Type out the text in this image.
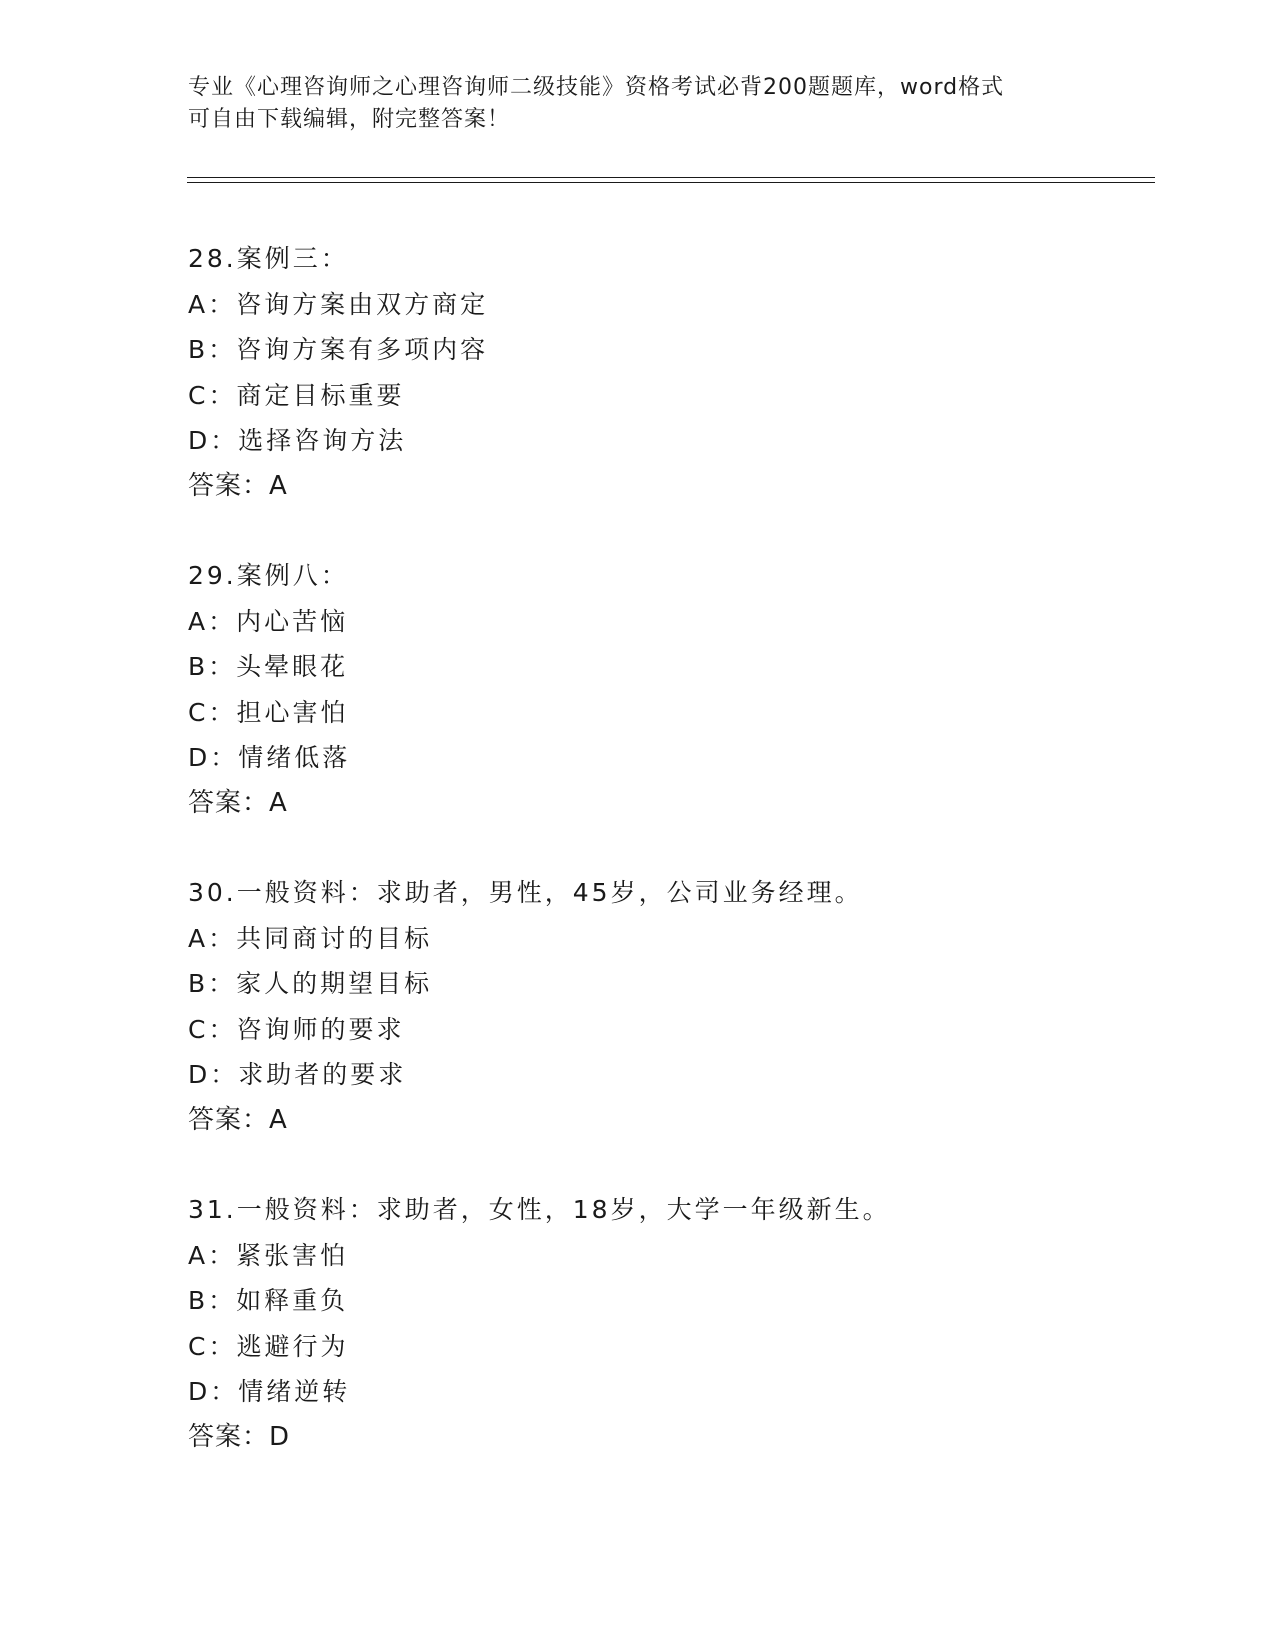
专业《心理咨询师之心理咨询师二级技能》资格考试必背200题题库，word格式
可自由下载编辑，附完整答案！
28.案例三：
A：咨询方案由双方商定
B：咨询方案有多项内容
C：商定目标重要
D：选择咨询方法
答案：A
29.案例八：
A：内心苦恼
B：头晕眼花
C：担心害怕
D：情绪低落
答案：A
30.一般资料：求助者，男性，45岁，公司业务经理。
A：共同商讨的目标
B：家人的期望目标
C：咨询师的要求
D：求助者的要求
答案：A
31.一般资料：求助者，女性，18岁，大学一年级新生。
A：紧张害怕
B：如释重负
C：逃避行为
D：情绪逆转
答案：D
